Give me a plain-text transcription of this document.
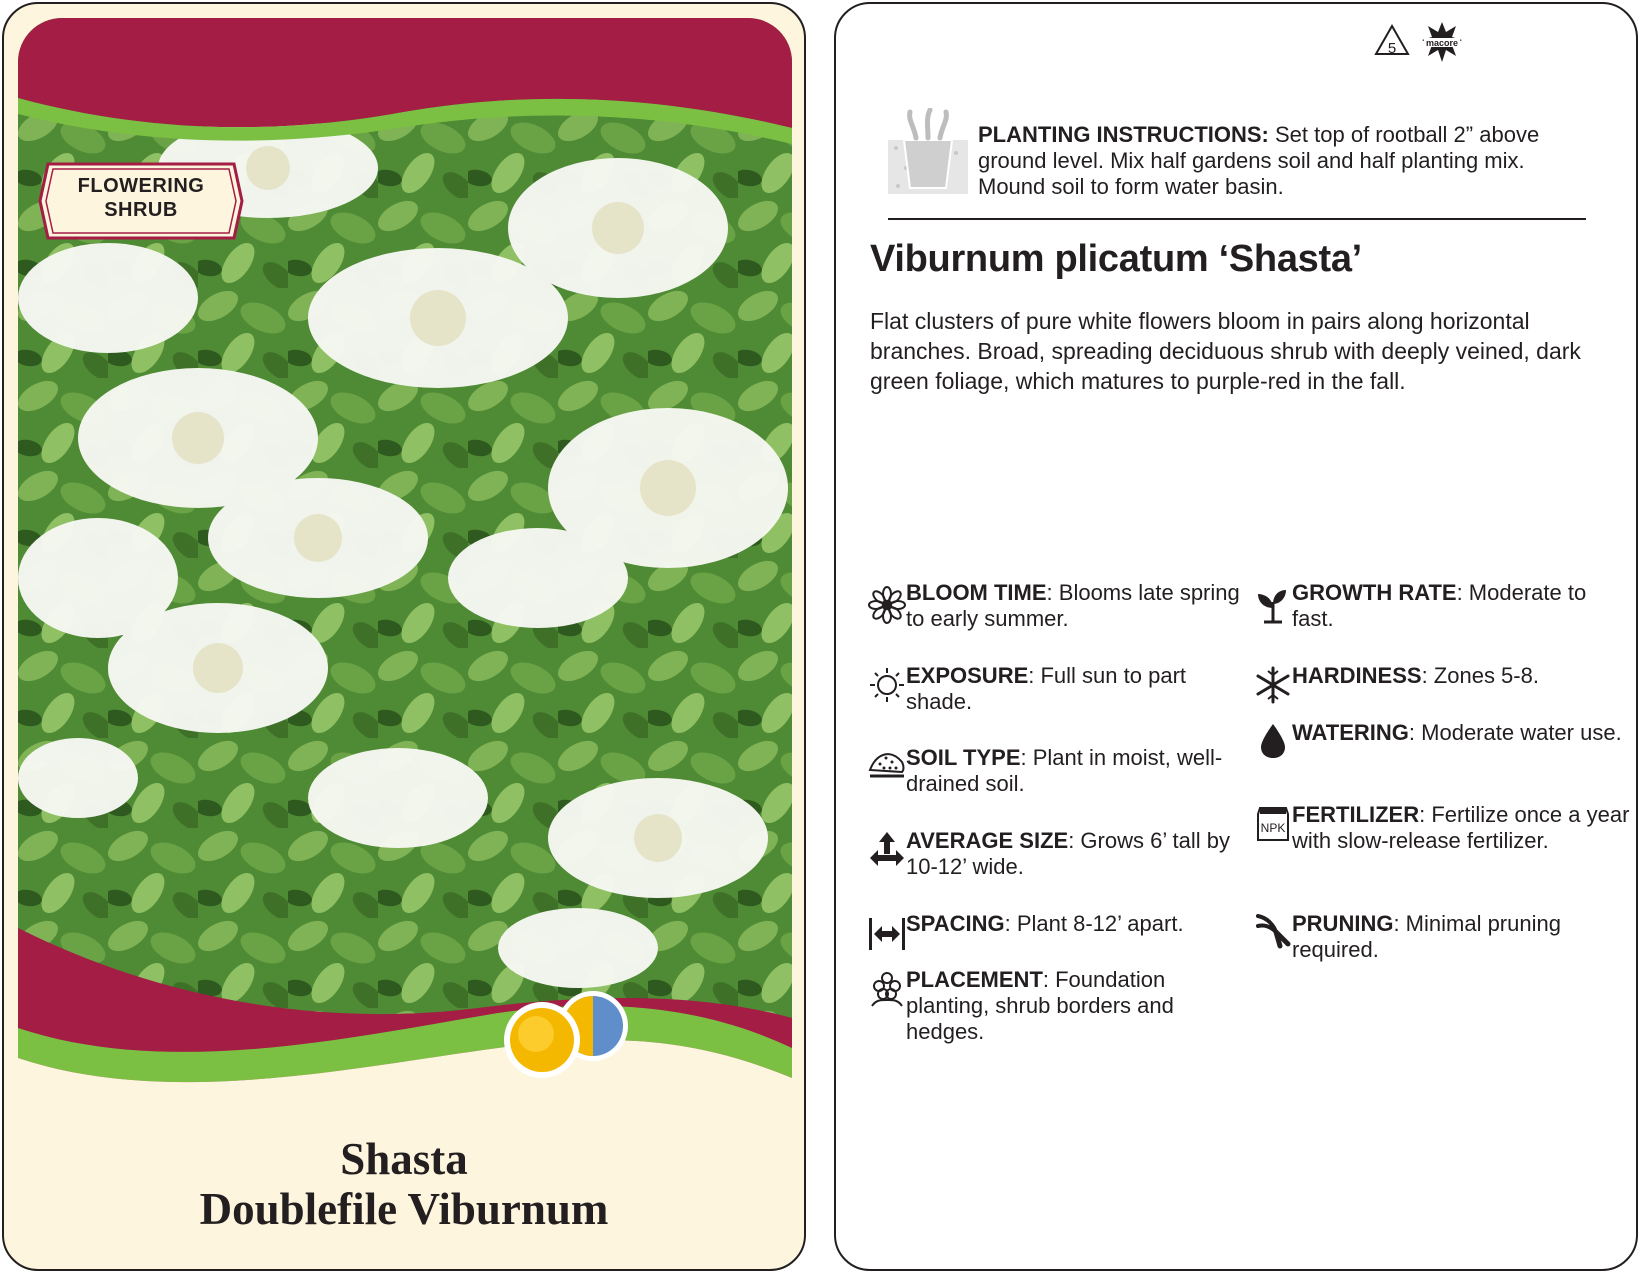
FLOWERING
SHRUB
Shasta
Doublefile Viburnum
5	macore
PLANTING INSTRUCTIONS: Set top of rootball 2” above ground level. Mix half gardens soil and half planting mix. Mound soil to form water basin.
Viburnum plicatum ‘Shasta’
Flat clusters of pure white flowers bloom in pairs along horizontal branches. Broad, spreading deciduous shrub with deeply veined, dark green foliage, which matures to purple-red in the fall.
BLOOM TIME: Blooms late spring to early summer.
EXPOSURE: Full sun to part shade.
SOIL TYPE: Plant in moist, well-drained soil.
AVERAGE SIZE: Grows 6’ tall by 10-12’ wide.
SPACING: Plant 8-12’ apart.
PLACEMENT: Foundation planting, shrub borders and hedges.
GROWTH RATE: Moderate to fast.
HARDINESS: Zones 5-8.
WATERING: Moderate water use.
NPK
FERTILIZER: Fertilize once a year with slow-release fertilizer.
PRUNING: Minimal pruning required.
